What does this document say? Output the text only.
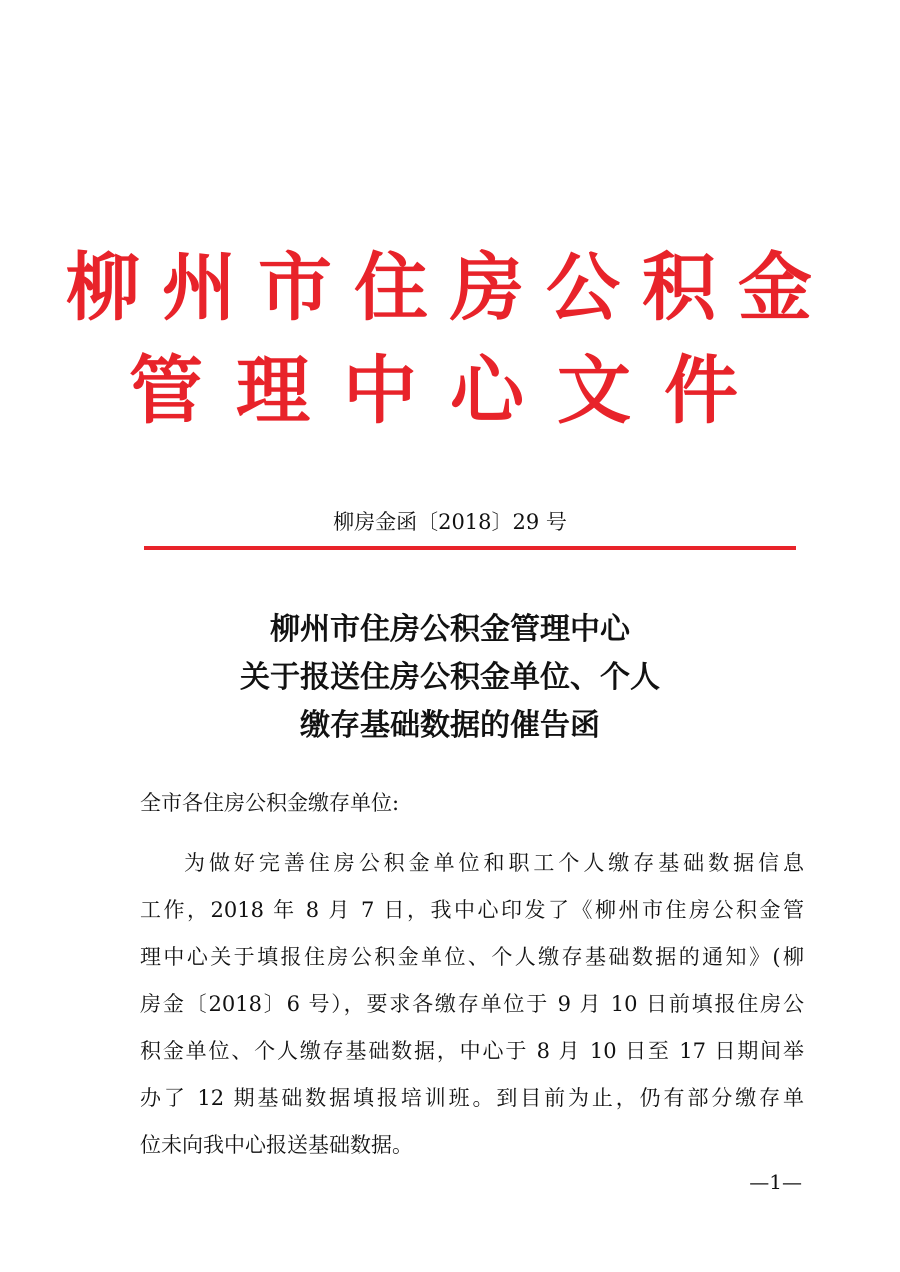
柳州市住房公积金
管理中心文件
柳房金函〔2018〕29 号
柳州市住房公积金管理中心
关于报送住房公积金单位、个人
缴存基础数据的催告函
全市各住房公积金缴存单位:
为做好完善住房公积金单位和职工个人缴存基础数据信息
工作，2018 年 8 月 7 日，我中心印发了《柳州市住房公积金管
理中心关于填报住房公积金单位、个人缴存基础数据的通知》(柳
房金〔2018〕6 号），要求各缴存单位于 9 月 10 日前填报住房公
积金单位、个人缴存基础数据，中心于 8 月 10 日至 17 日期间举
办了 12 期基础数据填报培训班。到目前为止，仍有部分缴存单
位未向我中心报送基础数据。
—1—
